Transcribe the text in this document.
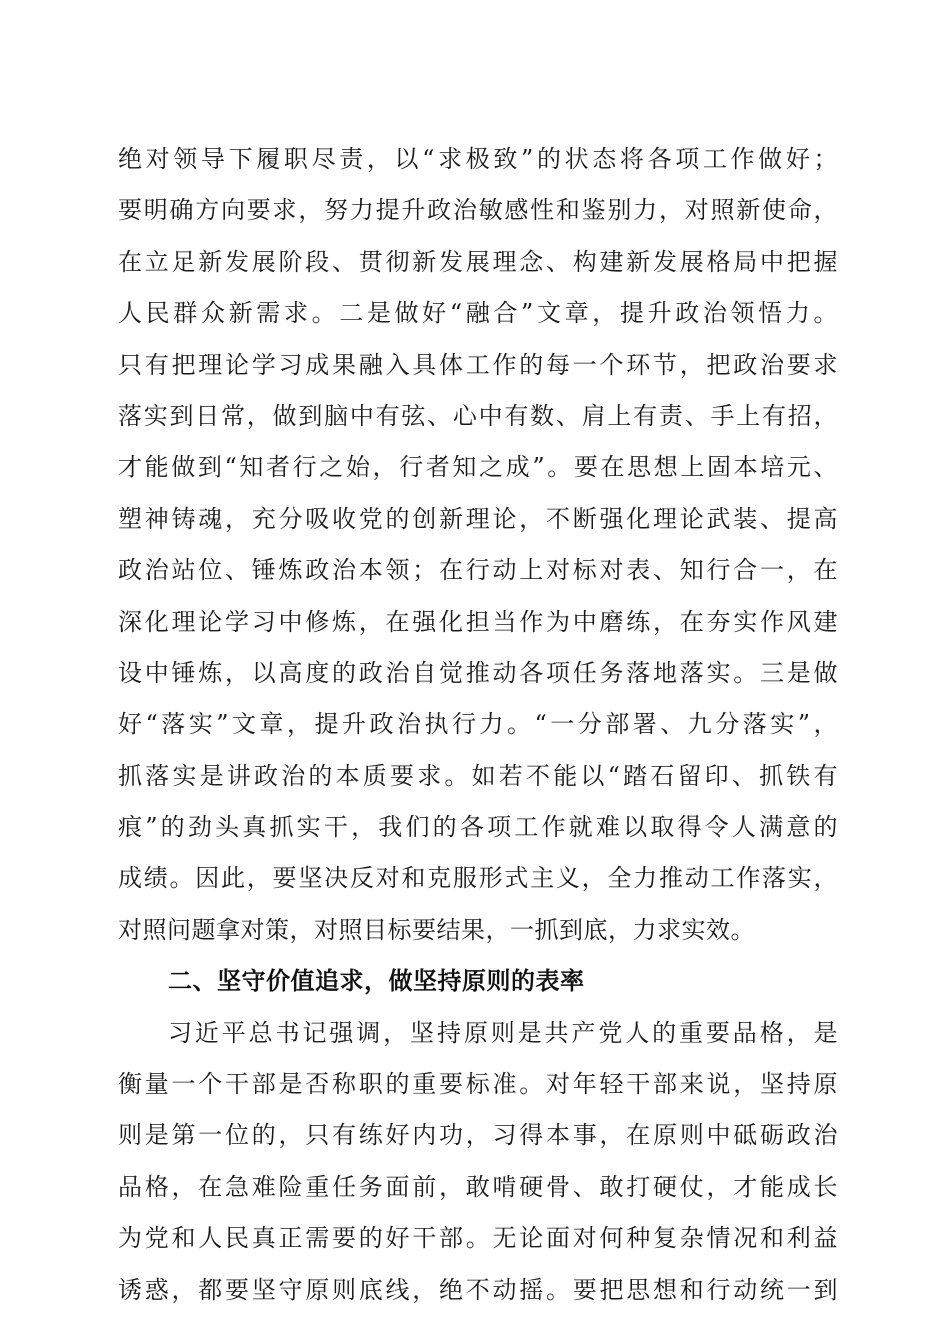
绝对领导下履职尽责，以“求极致”的状态将各项工作做好；
要明确方向要求，努力提升政治敏感性和鉴别力，对照新使命，
在立足新发展阶段、贯彻新发展理念、构建新发展格局中把握
人民群众新需求。二是做好“融合”文章，提升政治领悟力。
只有把理论学习成果融入具体工作的每一个环节，把政治要求
落实到日常，做到脑中有弦、心中有数、肩上有责、手上有招，
才能做到“知者行之始，行者知之成”。要在思想上固本培元、
塑神铸魂，充分吸收党的创新理论，不断强化理论武装、提高
政治站位、锤炼政治本领；在行动上对标对表、知行合一，在
深化理论学习中修炼，在强化担当作为中磨练，在夯实作风建
设中锤炼，以高度的政治自觉推动各项任务落地落实。三是做
好“落实”文章，提升政治执行力。“一分部署、九分落实”，
抓落实是讲政治的本质要求。如若不能以“踏石留印、抓铁有
痕”的劲头真抓实干，我们的各项工作就难以取得令人满意的
成绩。因此，要坚决反对和克服形式主义，全力推动工作落实，
对照问题拿对策，对照目标要结果，一抓到底，力求实效。
二、坚守价值追求，做坚持原则的表率
习近平总书记强调，坚持原则是共产党人的重要品格，是
衡量一个干部是否称职的重要标准。对年轻干部来说，坚持原
则是第一位的，只有练好内功，习得本事，在原则中砥砺政治
品格，在急难险重任务面前，敢啃硬骨、敢打硬仗，才能成长
为党和人民真正需要的好干部。无论面对何种复杂情况和利益
诱惑，都要坚守原则底线，绝不动摇。要把思想和行动统一到
